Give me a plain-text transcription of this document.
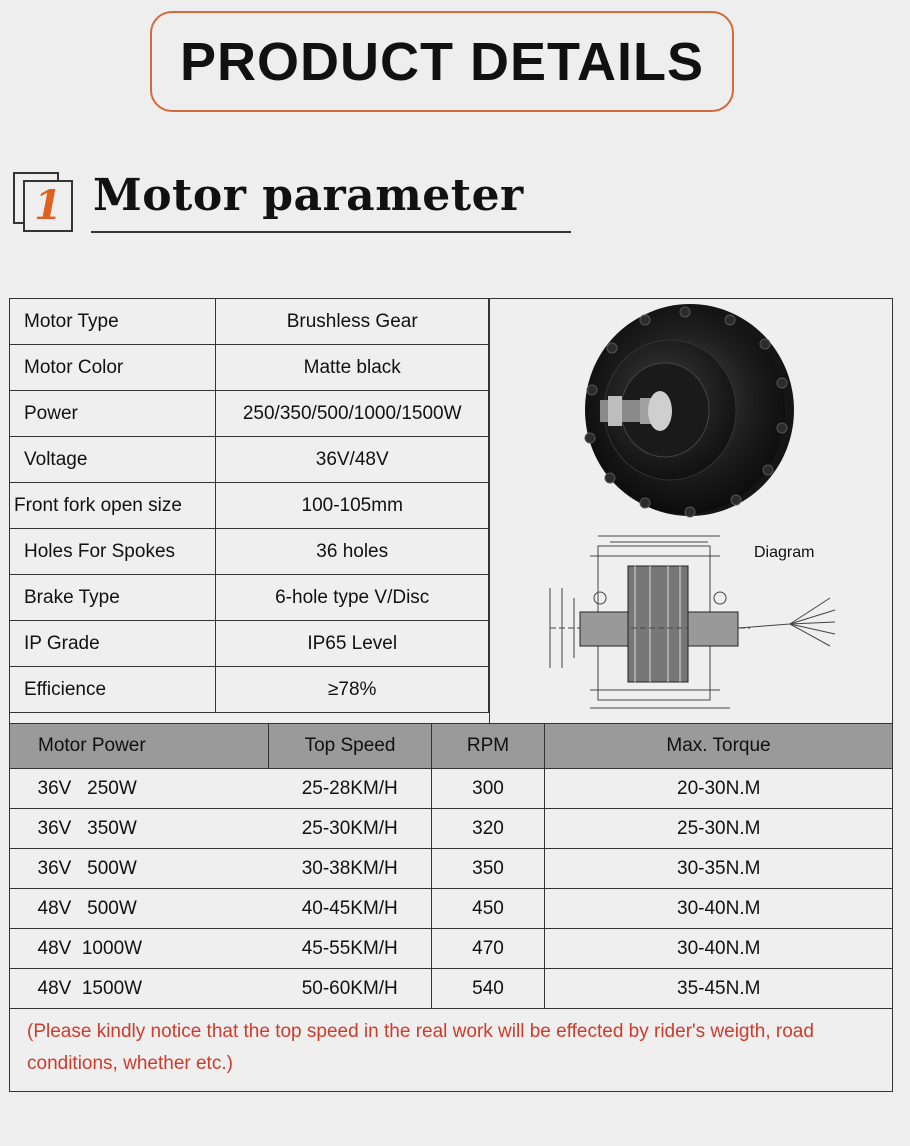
PRODUCT DETAILS
1 Motor parameter
Motor Type	Brushless Gear
Motor Color	Matte black
Power	250/350/500/1000/1500W
Voltage	36V/48V
Front fork open size	100-105mm
Holes For Spokes	36 holes
Brake Type	6-hole type V/Disc
IP Grade	IP65 Level
Efficience	≥78%
Diagram
Motor Power	Top Speed	RPM	Max. Torque
36V   250W	25-28KM/H	300	20-30N.M
36V   350W	25-30KM/H	320	25-30N.M
36V   500W	30-38KM/H	350	30-35N.M
48V   500W	40-45KM/H	450	30-40N.M
48V  1000W	45-55KM/H	470	30-40N.M
48V  1500W	50-60KM/H	540	35-45N.M
(Please kindly notice that the top speed in the real work will be effected by rider's weigth, road conditions, whether etc.)
